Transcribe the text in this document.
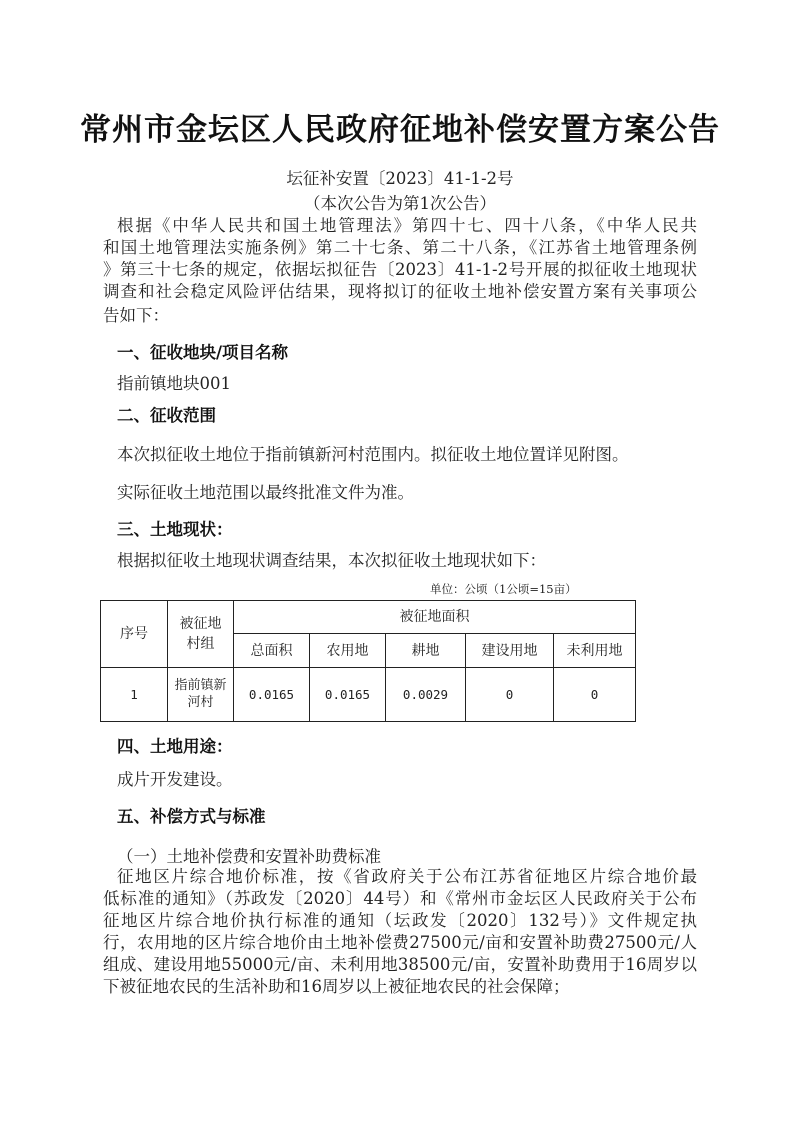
常州市金坛区人民政府征地补偿安置方案公告
坛征补安置〔2023〕41-1-2号
（本次公告为第1次公告）
根据《中华人民共和国土地管理法》第四十七、四十八条，《中华人民共
和国土地管理法实施条例》第二十七条、第二十八条，《江苏省土地管理条例
》第三十七条的规定，依据坛拟征告〔2023〕41-1-2号开展的拟征收土地现状
调查和社会稳定风险评估结果，现将拟订的征收土地补偿安置方案有关事项公
告如下：
一、征收地块/项目名称
指前镇地块001
二、征收范围
本次拟征收土地位于指前镇新河村范围内。拟征收土地位置详见附图。
实际征收土地范围以最终批准文件为准。
三、土地现状：
根据拟征收土地现状调查结果，本次拟征收土地现状如下：
单位：公顷（1公顷=15亩）
序号	被征地村组	被征地面积				
		总面积	农用地	耕地	建设用地	未利用地
1	指前镇新河村	0.0165	0.0165	0.0029	0	0
四、土地用途：
成片开发建设。
五、补偿方式与标准
（一）土地补偿费和安置补助费标准
征地区片综合地价标准，按《省政府关于公布江苏省征地区片综合地价最
低标准的通知》（苏政发〔2020〕44号）和《常州市金坛区人民政府关于公布
征地区片综合地价执行标准的通知（坛政发〔2020〕132号）》文件规定执
行，农用地的区片综合地价由土地补偿费27500元/亩和安置补助费27500元/人
组成、建设用地55000元/亩、未利用地38500元/亩，安置补助费用于16周岁以
下被征地农民的生活补助和16周岁以上被征地农民的社会保障；
